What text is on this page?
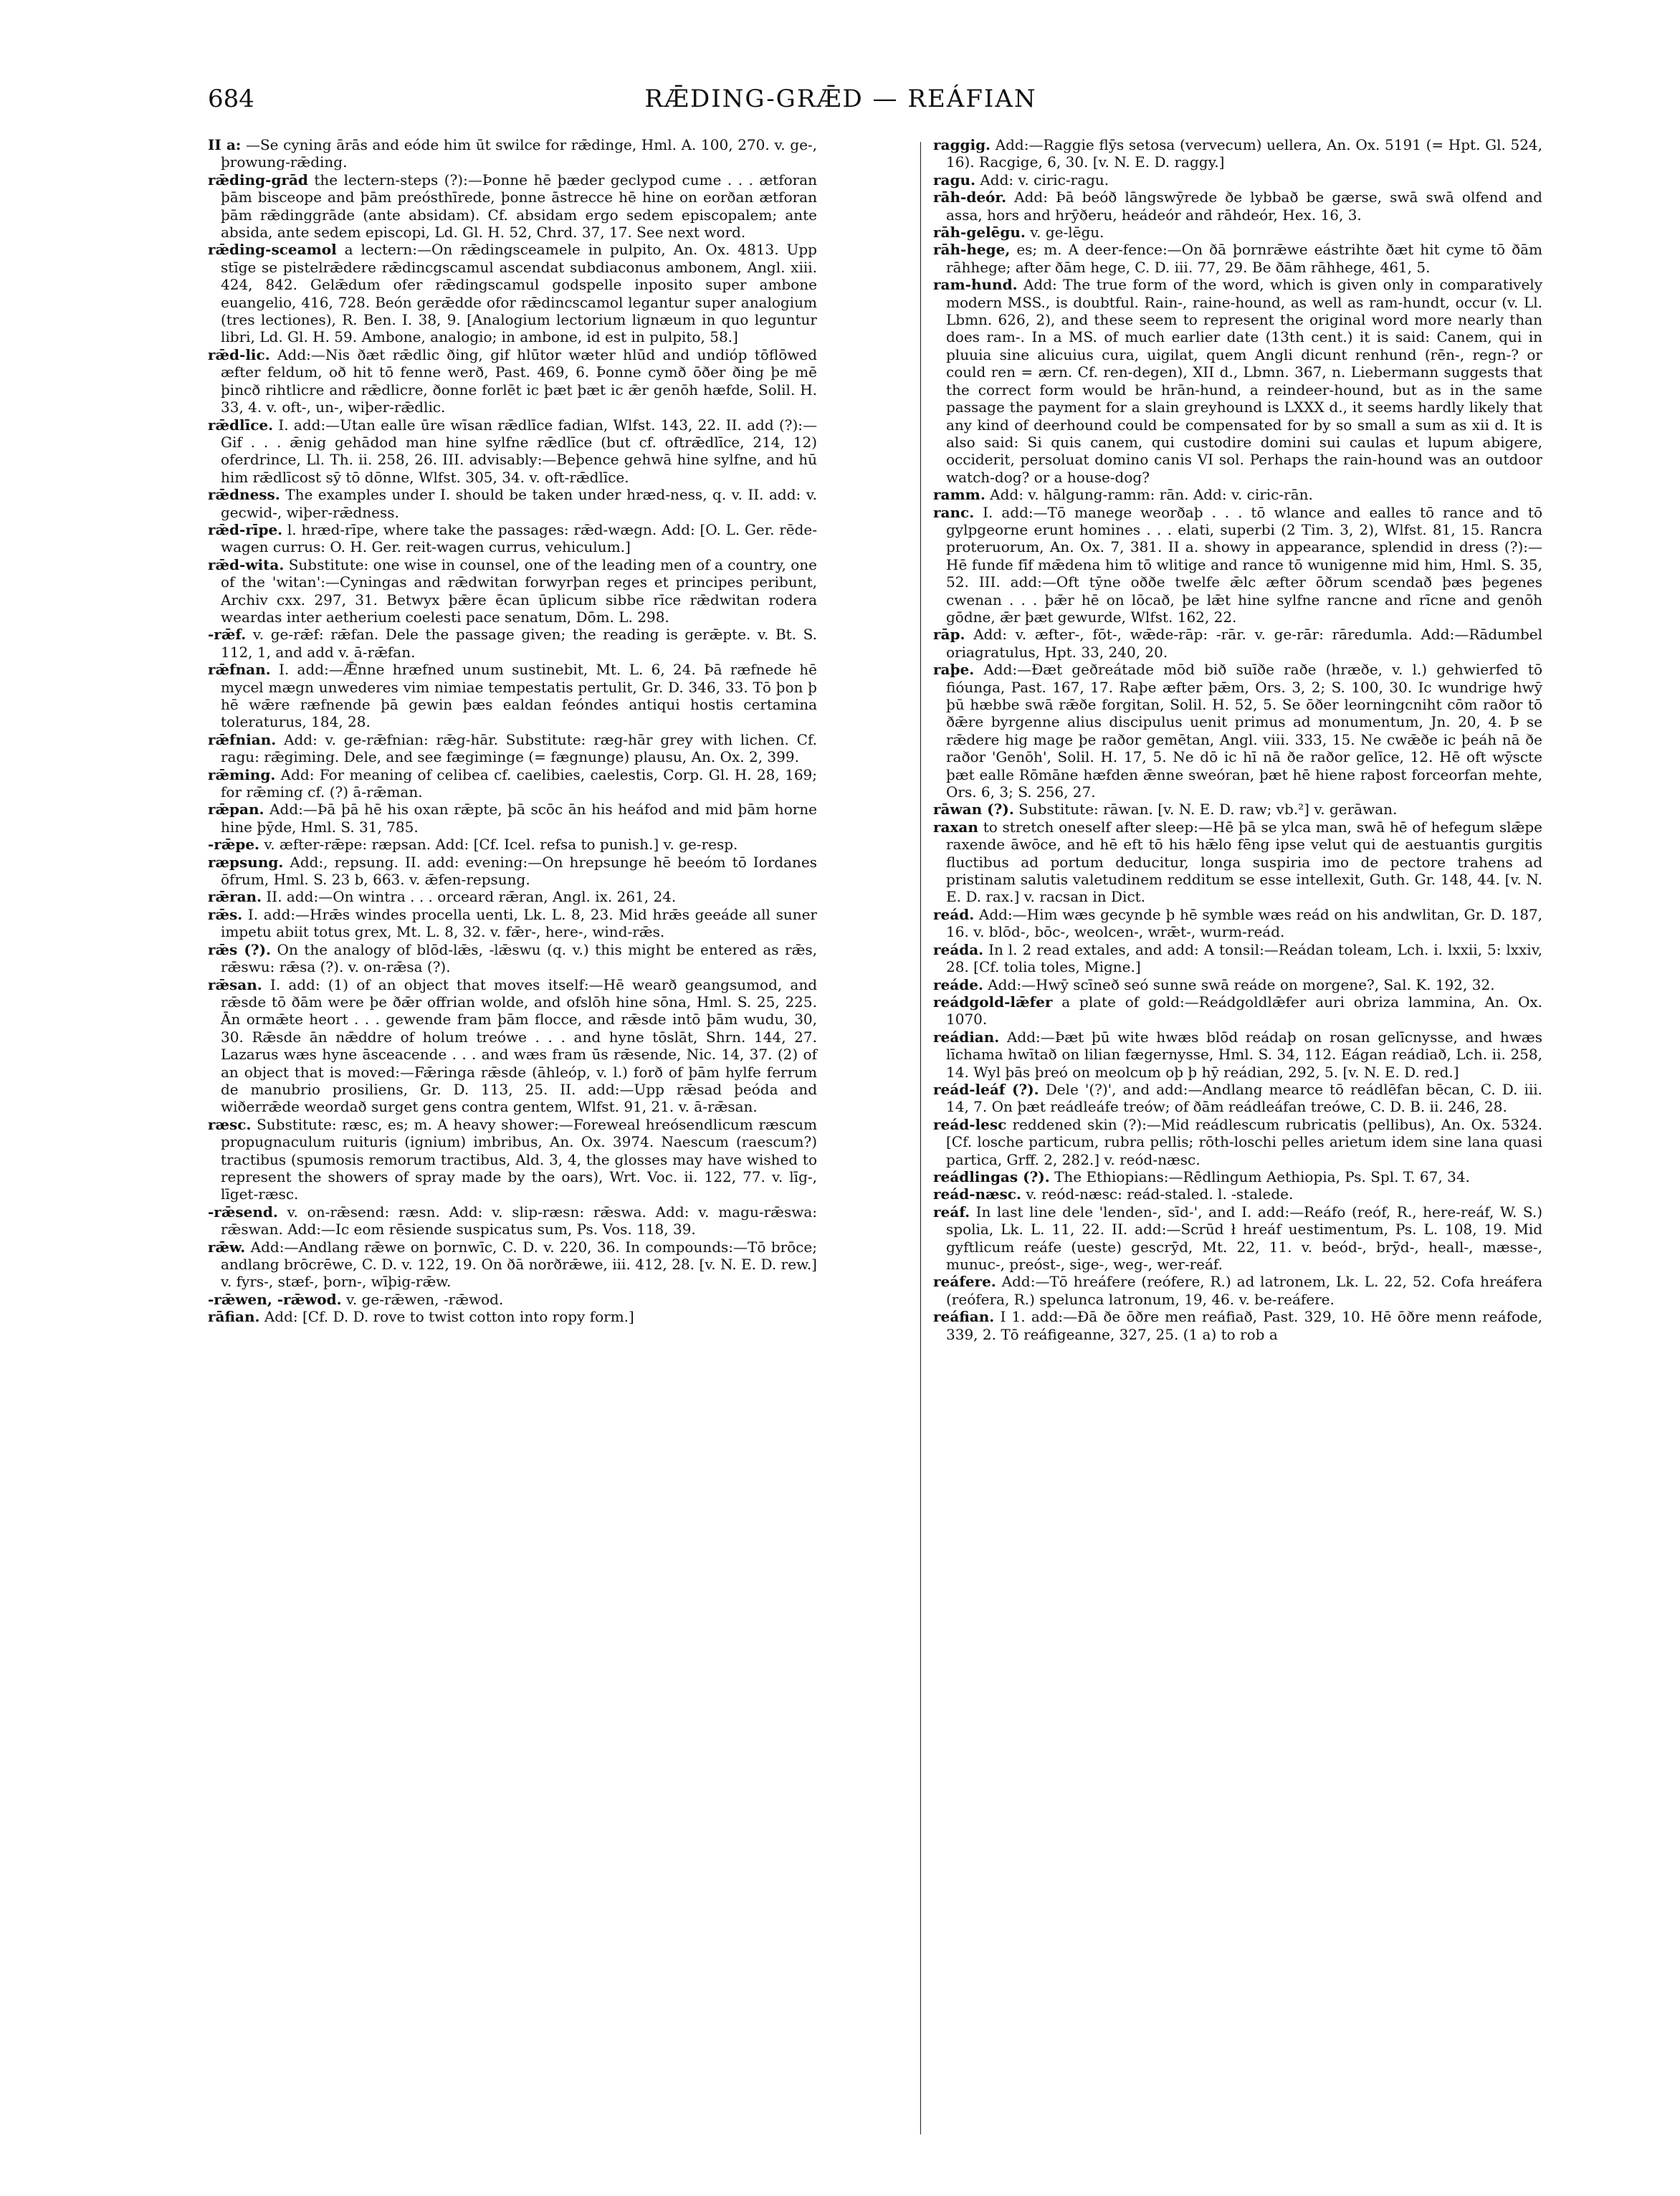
684	RǢDING-GRǢD — REÁFIAN

II a: —Se cyning ārās and eóde him ūt swilce for rǣdinge, Hml. A. 100, 270. v. ge-, þrowung-rǣding.

rǣding-grād the lectern-steps (?):—Þonne hē þæder geclypod cume . . . ætforan þām bisceope and þām preósthīrede, þonne āstrecce hē hine on eorðan ætforan þām rǣdinggrāde (ante absidam). Cf. absidam ergo sedem episcopalem; ante absida, ante sedem episcopi, Ld. Gl. H. 52, Chrd. 37, 17. See next word.

rǣding-sceamol a lectern:—On rǣdingsceamele in pulpito, An. Ox. 4813. Upp stīge se pistelrǣdere rǣdincgscamul ascendat subdiaconus ambonem, Angl. xiii. 424, 842. Gelǣdum ofer rǣdingscamul godspelle inposito super ambone euangelio, 416, 728. Beón gerǣdde ofor rǣdincscamol legantur super analogium (tres lectiones), R. Ben. I. 38, 9. [Analogium lectorium lignæum in quo leguntur libri, Ld. Gl. H. 59. Ambone, analogio; in ambone, id est in pulpito, 58.]

rǣd-lic. Add:—Nis ðæt rǣdlic ðing, gif hlūtor wæter hlūd and undióp tōflōwed æfter feldum, oð hit tō fenne werð, Past. 469, 6. Þonne cymð ōðer ðing þe mē þincð rihtlicre and rǣdlicre, ðonne forlēt ic þæt þæt ic ǣr genōh hæfde, Solil. H. 33, 4. v. oft-, un-, wiþer-rǣdlic.

rǣdlīce. I. add:—Utan ealle ūre wīsan rǣdlīce fadian, Wlfst. 143, 22. II. add (?):—Gif . . . ǣnig gehādod man hine sylfne rǣdlīce (but cf. oftrǣdlīce, 214, 12) oferdrince, Ll. Th. ii. 258, 26. III. advisably:—Beþence gehwā hine sylfne, and hū him rǣdlīcost sȳ tō dōnne, Wlfst. 305, 34. v. oft-rǣdlīce.

rǣdness. The examples under I. should be taken under hræd-ness, q. v. II. add: v. gecwid-, wiþer-rǣdness.

rǣd-rīpe. l. hræd-rīpe, where take the passages: rǣd-wægn. Add: [O. L. Ger. rēde-wagen currus: O. H. Ger. reit-wagen currus, vehiculum.]

rǣd-wita. Substitute: one wise in counsel, one of the leading men of a country, one of the 'witan':—Cyningas and rǣdwitan forwyrþan reges et principes peribunt, Archiv cxx. 297, 31. Betwyx þǣre ēcan ūplicum sibbe rīce rǣdwitan rodera weardas inter aetherium coelesti pace senatum, Dōm. L. 298.

-rǣf. v. ge-rǣf: rǣfan. Dele the passage given; the reading is gerǣpte. v. Bt. S. 112, 1, and add v. ā-rǣfan.

rǣfnan. I. add:—Ǣnne hræfned unum sustinebit, Mt. L. 6, 24. Þā ræfnede hē mycel mægn unwederes vim nimiae tempestatis pertulit, Gr. D. 346, 33. Tō þon þ hē wǣre ræfnende þā gewin þæs ealdan feóndes antiqui hostis certamina toleraturus, 184, 28.

rǣfnian. Add: v. ge-rǣfnian: rǣg-hār. Substitute: ræg-hār grey with lichen. Cf. ragu: rǣgiming. Dele, and see fægiminge (= fægnunge) plausu, An. Ox. 2, 399.

rǣming. Add: For meaning of celibea cf. caelibies, caelestis, Corp. Gl. H. 28, 169; for rǣming cf. (?) ā-rǣman.

rǣpan. Add:—Þā þā hē his oxan rǣpte, þā scōc ān his heáfod and mid þām horne hine þȳde, Hml. S. 31, 785.

-rǣpe. v. æfter-rǣpe: ræpsan. Add: [Cf. Icel. refsa to punish.] v. ge-resp.

ræpsung. Add:, repsung. II. add: evening:—On hrepsunge hē beeóm tō Iordanes ōfrum, Hml. S. 23 b, 663. v. ǣfen-repsung.

rǣran. II. add:—On wintra . . . orceard rǣran, Angl. ix. 261, 24.

rǣs. I. add:—Hrǣs windes procella uenti, Lk. L. 8, 23. Mid hrǣs geeáde all suner impetu abiit totus grex, Mt. L. 8, 32. v. fǣr-, here-, wind-rǣs.

rǣs (?). On the analogy of blōd-lǣs, -lǣswu (q. v.) this might be entered as rǣs, rǣswu: rǣsa (?). v. on-rǣsa (?).

rǣsan. I. add: (1) of an object that moves itself:—Hē wearð geangsumod, and rǣsde tō ðām were þe ðǣr offrian wolde, and ofslōh hine sōna, Hml. S. 25, 225. Ān ormǣte heort . . . gewende fram þām flocce, and rǣsde intō þām wudu, 30, 30. Rǣsde ān nǣddre of holum treówe . . . and hyne tōslāt, Shrn. 144, 27. Lazarus wæs hyne āsceacende . . . and wæs fram ūs rǣsende, Nic. 14, 37. (2) of an object that is moved:—Fǣringa rǣsde (āhleóp, v. l.) forð of þām hylfe ferrum de manubrio prosiliens, Gr. D. 113, 25. II. add:—Upp rǣsad þeóda and wiðerrǣde weordað surget gens contra gentem, Wlfst. 91, 21. v. ā-rǣsan.

ræsc. Substitute: ræsc, es; m. A heavy shower:—Foreweal hreósendlicum ræscum propugnaculum ruituris (ignium) imbribus, An. Ox. 3974. Naescum (raescum?) tractibus (spumosis remorum tractibus, Ald. 3, 4, the glosses may have wished to represent the showers of spray made by the oars), Wrt. Voc. ii. 122, 77. v. līg-, līget-ræsc.

-rǣsend. v. on-rǣsend: ræsn. Add: v. slip-ræsn: rǣswa. Add: v. magu-rǣswa: rǣswan. Add:—Ic eom rēsiende suspicatus sum, Ps. Vos. 118, 39.

rǣw. Add:—Andlang rǣwe on þornwīc, C. D. v. 220, 36. In compounds:—Tō brōce; andlang brōcrēwe, C. D. v. 122, 19. On ðā norðrǣwe, iii. 412, 28. [v. N. E. D. rew.] v. fyrs-, stæf-, þorn-, wīþig-rǣw.

-rǣwen, -rǣwod. v. ge-rǣwen, -rǣwod.

rāfian. Add: [Cf. D. D. rove to twist cotton into ropy form.]

raggig. Add:—Raggie flȳs setosa (vervecum) uellera, An. Ox. 5191 (= Hpt. Gl. 524, 16). Racgige, 6, 30. [v. N. E. D. raggy.]

ragu. Add: v. ciric-ragu.

rāh-deór. Add: Þā beóð lāngswȳrede ðe lybbað be gærse, swā swā olfend and assa, hors and hrȳðeru, heádeór and rāhdeór, Hex. 16, 3.

rāh-gelēgu. v. ge-lēgu.

rāh-hege, es; m. A deer-fence:—On ðā þornrǣwe eástrihte ðæt hit cyme tō ðām rāhhege; after ðām hege, C. D. iii. 77, 29. Be ðām rāhhege, 461, 5.

ram-hund. Add: The true form of the word, which is given only in comparatively modern MSS., is doubtful. Rain-, raine-hound, as well as ram-hundt, occur (v. Ll. Lbmn. 626, 2), and these seem to represent the original word more nearly than does ram-. In a MS. of much earlier date (13th cent.) it is said: Canem, qui in pluuia sine alicuius cura, uigilat, quem Angli dicunt renhund (rēn-, regn-? or could ren = ærn. Cf. ren-degen), XII d., Lbmn. 367, n. Liebermann suggests that the correct form would be hrān-hund, a reindeer-hound, but as in the same passage the payment for a slain greyhound is LXXX d., it seems hardly likely that any kind of deerhound could be compensated for by so small a sum as xii d. It is also said: Si quis canem, qui custodire domini sui caulas et lupum abigere, occiderit, persoluat domino canis VI sol. Perhaps the rain-hound was an outdoor watch-dog? or a house-dog?

ramm. Add: v. hālgung-ramm: rān. Add: v. ciric-rān.

ranc. I. add:—Tō manege weorðaþ . . . tō wlance and ealles tō rance and tō gylpgeorne erunt homines . . . elati, superbi (2 Tim. 3, 2), Wlfst. 81, 15. Rancra proteruorum, An. Ox. 7, 381. II a. showy in appearance, splendid in dress (?):—Hē funde fīf mǣdena him tō wlitige and rance tō wunigenne mid him, Hml. S. 35, 52. III. add:—Oft tȳne oððe twelfe ǣlc æfter ōðrum scendað þæs þegenes cwenan . . . þǣr hē on lōcað, þe lǣt hine sylfne rancne and rīcne and genōh gōdne, ǣr þæt gewurde, Wlfst. 162, 22.

rāp. Add: v. æfter-, fōt-, wǣde-rāp: -rār. v. ge-rār: rāredumla. Add:—Rādumbel oriagratulus, Hpt. 33, 240, 20.

raþe. Add:—Ðæt geðreátade mōd bið suīðe raðe (hræðe, v. l.) gehwierfed tō fióunga, Past. 167, 17. Raþe æfter þǣm, Ors. 3, 2; S. 100, 30. Ic wundrige hwȳ þū hæbbe swā rǣðe forgitan, Solil. H. 52, 5. Se ōðer leorningcniht cōm raðor tō ðǣre byrgenne alius discipulus uenit primus ad monumentum, Jn. 20, 4. Þ se rǣdere hig mage þe raðor gemētan, Angl. viii. 333, 15. Ne cwǣðe ic þeáh nā ðe raðor 'Genōh', Solil. H. 17, 5. Ne dō ic hī nā ðe raðor gelīce, 12. Hē oft wȳscte þæt ealle Rōmāne hæfden ǣnne sweóran, þæt hē hiene raþost forceorfan mehte, Ors. 6, 3; S. 256, 27.

rāwan (?). Substitute: rāwan. [v. N. E. D. raw; vb.²] v. gerāwan.

raxan to stretch oneself after sleep:—Hē þā se ylca man, swā hē of hefegum slǣpe raxende āwōce, and hē eft tō his hǣlo fēng ipse velut qui de aestuantis gurgitis fluctibus ad portum deducitur, longa suspiria imo de pectore trahens ad pristinam salutis valetudinem redditum se esse intellexit, Guth. Gr. 148, 44. [v. N. E. D. rax.] v. racsan in Dict.

reád. Add:—Him wæs gecynde þ hē symble wæs reád on his andwlitan, Gr. D. 187, 16. v. blōd-, bōc-, weolcen-, wrǣt-, wurm-reád.

reáda. In l. 2 read extales, and add: A tonsil:—Reádan toleam, Lch. i. lxxii, 5: lxxiv, 28. [Cf. tolia toles, Migne.]

reáde. Add:—Hwȳ scīneð seó sunne swā reáde on morgene?, Sal. K. 192, 32.

reádgold-lǣfer a plate of gold:—Reádgoldlǣfer auri obriza lammina, An. Ox. 1070.

reádian. Add:—Þæt þū wite hwæs blōd reádaþ on rosan gelīcnysse, and hwæs līchama hwītað on lilian fægernysse, Hml. S. 34, 112. Eágan reádiað, Lch. ii. 258, 14. Wyl þās þreó on meolcum oþ þ hȳ reádian, 292, 5. [v. N. E. D. red.]

reád-leáf (?). Dele '(?)', and add:—Andlang mearce tō reádlēfan bēcan, C. D. iii. 14, 7. On þæt reádleáfe treów; of ðām reádleáfan treówe, C. D. B. ii. 246, 28.

reád-lesc reddened skin (?):—Mid reádlescum rubricatis (pellibus), An. Ox. 5324. [Cf. losche particum, rubra pellis; rōth-loschi pelles arietum idem sine lana quasi partica, Grff. 2, 282.] v. reód-næsc.

reádlingas (?). The Ethiopians:—Rēdlingum Aethiopia, Ps. Spl. T. 67, 34.

reád-næsc. v. reód-næsc: reád-staled. l. -stalede.

reáf. In last line dele 'lenden-, sīd-', and I. add:—Reáfo (reóf, R., here-reáf, W. S.) spolia, Lk. L. 11, 22. II. add:—Scrūd ł hreáf uestimentum, Ps. L. 108, 19. Mid gyftlicum reáfe (ueste) gescrȳd, Mt. 22, 11. v. beód-, brȳd-, heall-, mæsse-, munuc-, preóst-, sige-, weg-, wer-reáf.

reáfere. Add:—Tō hreáfere (reófere, R.) ad latronem, Lk. L. 22, 52. Cofa hreáfera (reófera, R.) spelunca latronum, 19, 46. v. be-reáfere.

reáfian. I 1. add:—Ðā ðe ōðre men reáfiað, Past. 329, 10. Hē ōðre menn reáfode, 339, 2. Tō reáfigeanne, 327, 25. (1 a) to rob a
